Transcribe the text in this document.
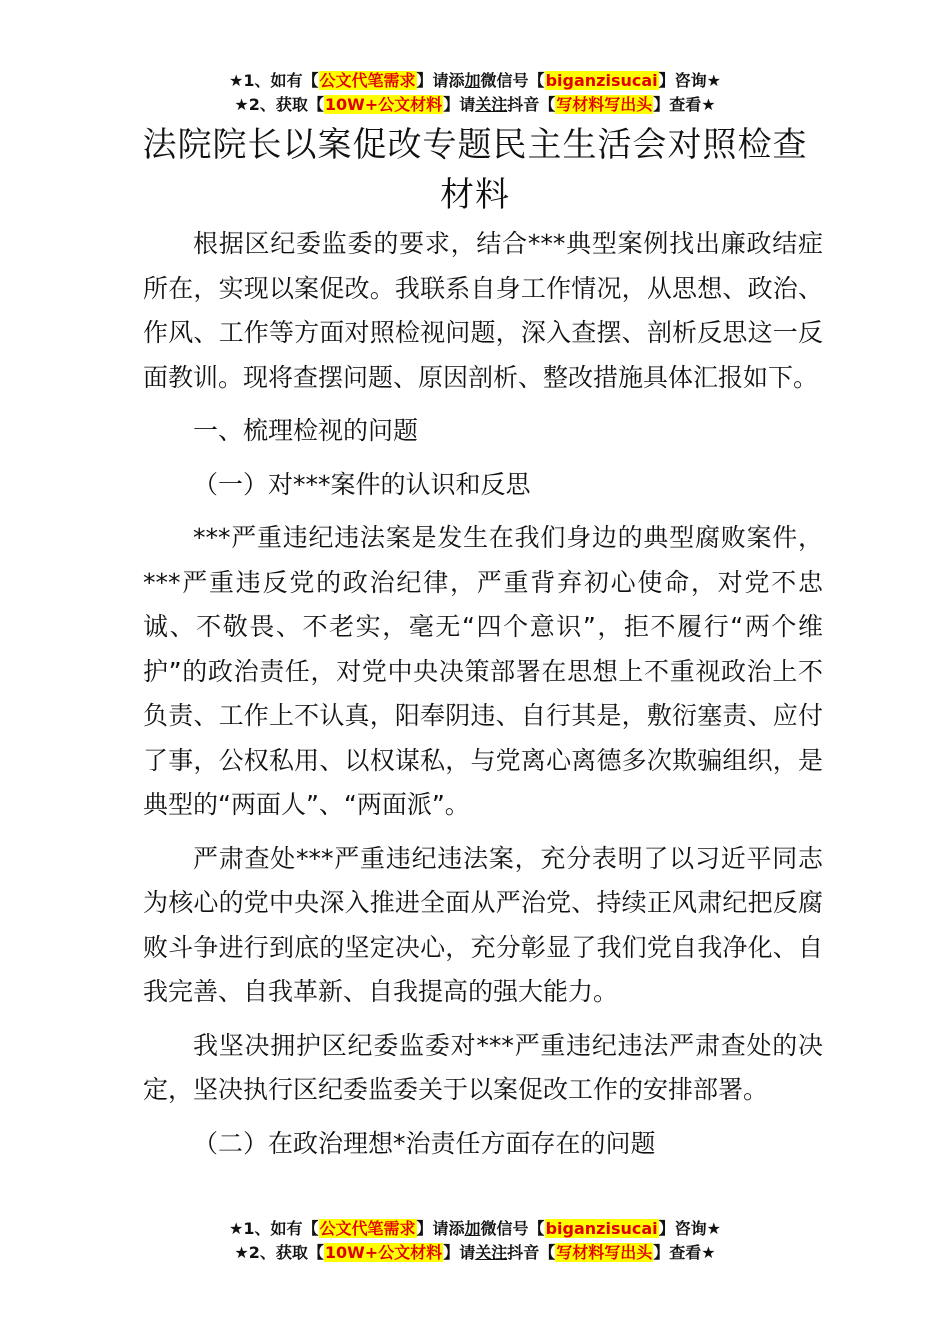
★1、如有【公文代笔需求】请添加微信号【biganzisucai】咨询★
★2、获取【10W+公文材料】请关注抖音【写材料写出头】查看★
法院院长以案促改专题民主生活会对照检查
材料

根据区纪委监委的要求，结合***典型案例找出廉政结症所在，实现以案促改。我联系自身工作情况，从思想、政治、作风、工作等方面对照检视问题，深入查摆、剖析反思这一反面教训。现将查摆问题、原因剖析、整改措施具体汇报如下。

一、梳理检视的问题

（一）对***案件的认识和反思

***严重违纪违法案是发生在我们身边的典型腐败案件，***严重违反党的政治纪律，严重背弃初心使命，对党不忠诚、不敬畏、不老实，毫无“四个意识”，拒不履行“两个维护”的政治责任，对党中央决策部署在思想上不重视政治上不负责、工作上不认真，阳奉阴违、自行其是，敷衍塞责、应付了事，公权私用、以权谋私，与党离心离德多次欺骗组织，是典型的“两面人”、“两面派”。

严肃查处***严重违纪违法案，充分表明了以习近平同志为核心的党中央深入推进全面从严治党、持续正风肃纪把反腐败斗争进行到底的坚定决心，充分彰显了我们党自我净化、自我完善、自我革新、自我提高的强大能力。

我坚决拥护区纪委监委对***严重违纪违法严肃查处的决定，坚决执行区纪委监委关于以案促改工作的安排部署。

（二）在政治理想*治责任方面存在的问题

★1、如有【公文代笔需求】请添加微信号【biganzisucai】咨询★
★2、获取【10W+公文材料】请关注抖音【写材料写出头】查看★
